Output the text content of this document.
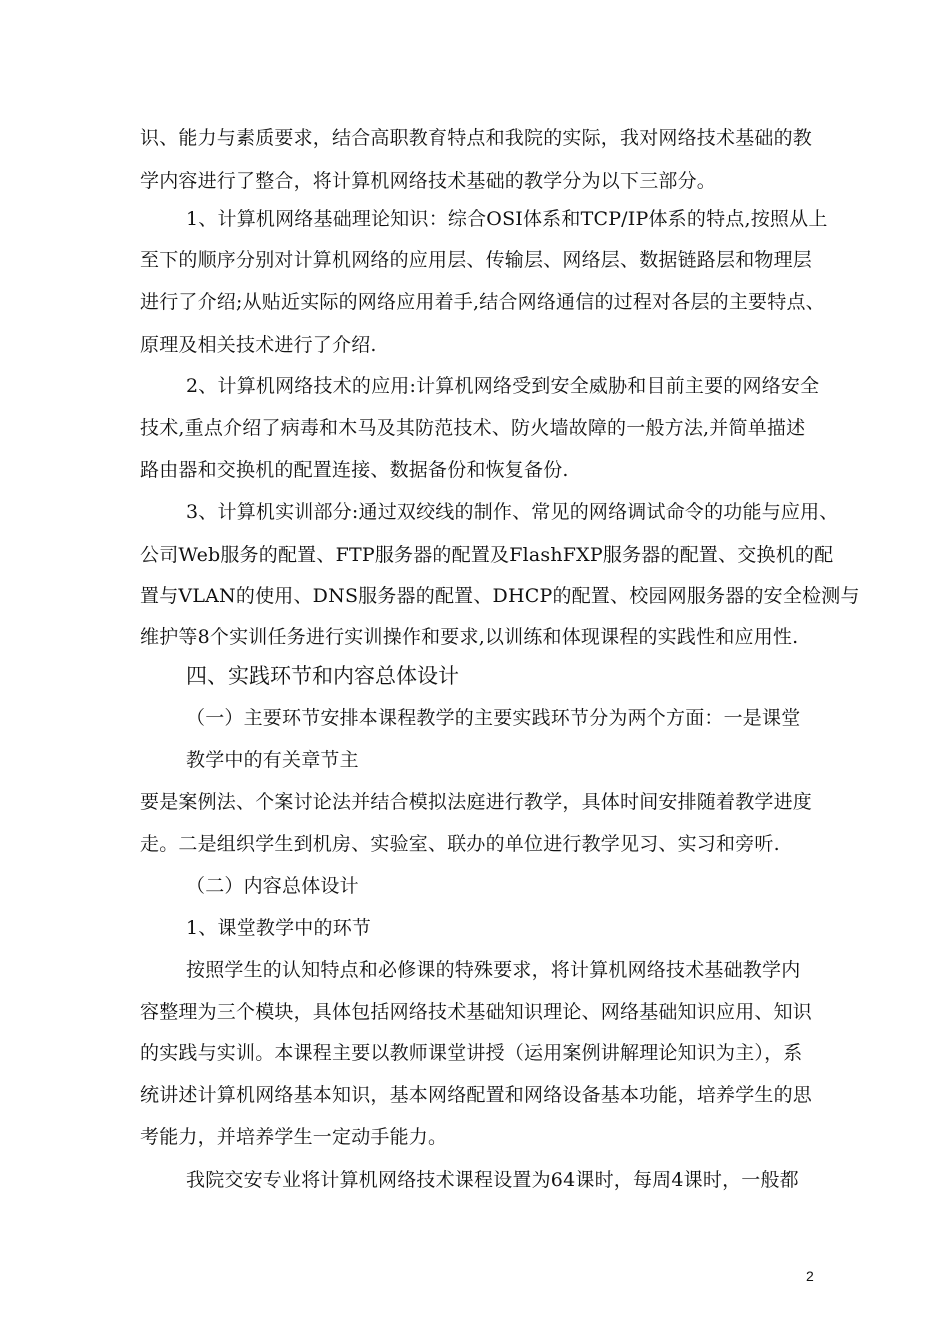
识、能力与素质要求，结合高职教育特点和我院的实际，我对网络技术基础的教
学内容进行了整合，将计算机网络技术基础的教学分为以下三部分。
1、计算机网络基础理论知识：综合OSI体系和TCP/IP体系的特点,按照从上
至下的顺序分别对计算机网络的应用层、传输层、网络层、数据链路层和物理层
进行了介绍;从贴近实际的网络应用着手,结合网络通信的过程对各层的主要特点、
原理及相关技术进行了介绍.
2、计算机网络技术的应用:计算机网络受到安全威胁和目前主要的网络安全
技术,重点介绍了病毒和木马及其防范技术、防火墙故障的一般方法,并简单描述
路由器和交换机的配置连接、数据备份和恢复备份.
3、计算机实训部分:通过双绞线的制作、常见的网络调试命令的功能与应用、
公司Web服务的配置、FTP服务器的配置及FlashFXP服务器的配置、交换机的配
置与VLAN的使用、DNS服务器的配置、DHCP的配置、校园网服务器的安全检测与
维护等8个实训任务进行实训操作和要求,以训练和体现课程的实践性和应用性.
四、实践环节和内容总体设计
（一）主要环节安排本课程教学的主要实践环节分为两个方面：一是课堂
教学中的有关章节主
要是案例法、个案讨论法并结合模拟法庭进行教学，具体时间安排随着教学进度
走。二是组织学生到机房、实验室、联办的单位进行教学见习、实习和旁听.
（二）内容总体设计
1、课堂教学中的环节
按照学生的认知特点和必修课的特殊要求，将计算机网络技术基础教学内
容整理为三个模块，具体包括网络技术基础知识理论、网络基础知识应用、知识
的实践与实训。本课程主要以教师课堂讲授（运用案例讲解理论知识为主），系
统讲述计算机网络基本知识，基本网络配置和网络设备基本功能，培养学生的思
考能力，并培养学生一定动手能力。
我院交安专业将计算机网络技术课程设置为64课时，每周4课时，一般都
2
